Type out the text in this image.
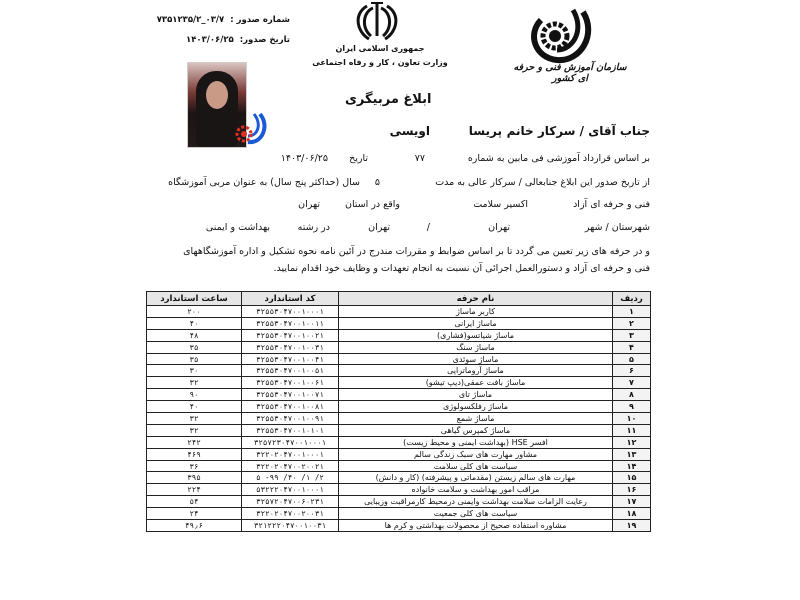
شماره صدور :
۰۳/۷_۷۳۵۱۲۳۵/۲
تاریخ صدور:
۱۴۰۳/۰۶/۲۵
جمهوری اسلامی ایران
وزارت تعاون ، کار و رفاه اجتماعی	سازمان آموزش فنی و حرفه ای کشور
ابلاغ مربیگری
جناب آقای / سرکار خانم
پریسا
اویسی
بر اساس قرارداد آموزشی فی مابین به شماره
۷۷
تاریخ
۱۴۰۳/۰۶/۲۵
از تاریخ صدور این ابلاغ جنابعالی / سرکار عالی به مدت
۵
سال (حداکثر پنج سال) به عنوان مربی آموزشگاه
فنی و حرفه ای آزاد
اکسیر سلامت
واقع در استان
تهران
شهرستان / شهر
تهران
/
تهران
در رشته
بهداشت و ایمنی
و در حرفه های زیر تعیین می گردد تا بر اساس ضوابط و مقررات مندرج در آئین نامه نحوه تشکیل و اداره آموزشگاههای
فنی و حرفه ای آزاد و دستورالعمل اجرائی آن نسبت به انجام تعهدات و وظایف خود اقدام نمایید.
ردیف	نام حرفه	کد استاندارد	ساعت استاندارد
۱	کاربر ماساژ	۳۲۵۵۳۰۴۷۰۰۱۰۰۰۱	۲۰۰
۲	ماساژ ایرانی	۳۲۵۵۳۰۴۷۰۰۱۰۰۱۱	۴۰
۳	ماساژ شیاتسو(فشاری)	۳۲۵۵۳۰۴۷۰۰۱۰۰۲۱	۴۸
۴	ماساژ سنگ	۳۲۵۵۳۰۴۷۰۰۱۰۰۳۱	۳۵
۵	ماساژ سوئدی	۳۲۵۵۳۰۴۷۰۰۱۰۰۴۱	۳۵
۶	ماساژ آروماتراپی	۳۲۵۵۳۰۴۷۰۰۱۰۰۵۱	۳۰
۷	ماساژ بافت عمقی(دیپ تیشو)	۳۲۵۵۳۰۴۷۰۰۱۰۰۶۱	۳۲
۸	ماساژ تای	۳۲۵۵۳۰۴۷۰۰۱۰۰۷۱	۹۰
۹	ماساژ رفلکسولوژی	۳۲۵۵۳۰۴۷۰۰۱۰۰۸۱	۴۰
۱۰	ماساژ شمع	۳۲۵۵۳۰۴۷۰۰۱۰۰۹۱	۳۲
۱۱	ماساژ کمپرس گیاهی	۳۲۵۵۳۰۴۷۰۰۱۰۱۰۱	۳۲
۱۲	افسر HSE (بهداشت ایمنی و محیط زیست)	۳۲۵۷۲۳۰۴۷۰۰۱۰۰۰۱	۲۴۲
۱۳	مشاور مهارت های سبک زندگی سالم	۳۲۲۰۲۰۴۷۰۰۱۰۰۰۱	۴۶۹
۱۴	سیاست های کلی سلامت	۳۲۲۰۲۰۴۷۰۰۲۰۰۲۱	۳۶
۱۵	مهارت های سالم زیستن (مقدماتی و پیشرفته) (کار و دانش)	۵ -۹۹ /۴۰ /۱ /۲	۳۹۵
۱۶	مراقب امور بهداشت و سلامت خانواده	۵۳۲۲۲۰۴۷۰۰۱۰۰۰۱	۲۲۴
۱۷	رعایت الزامات سلامت بهداشت وایمنی درمحیط کارمراقبت وزیبایی	۳۲۵۷۲۰۴۷۰۰۶۰۲۳۱	۵۴
۱۸	سیاست های کلی جمعیت	۳۲۲۰۲۰۴۷۰۰۲۰۰۳۱	۲۴
۱۹	مشاوره استفاده صحیح از محصولات بهداشتی و کرم ها	۳۲۱۲۲۲۰۴۷۰۰۱۰۰۳۱	۴۹٫۶
